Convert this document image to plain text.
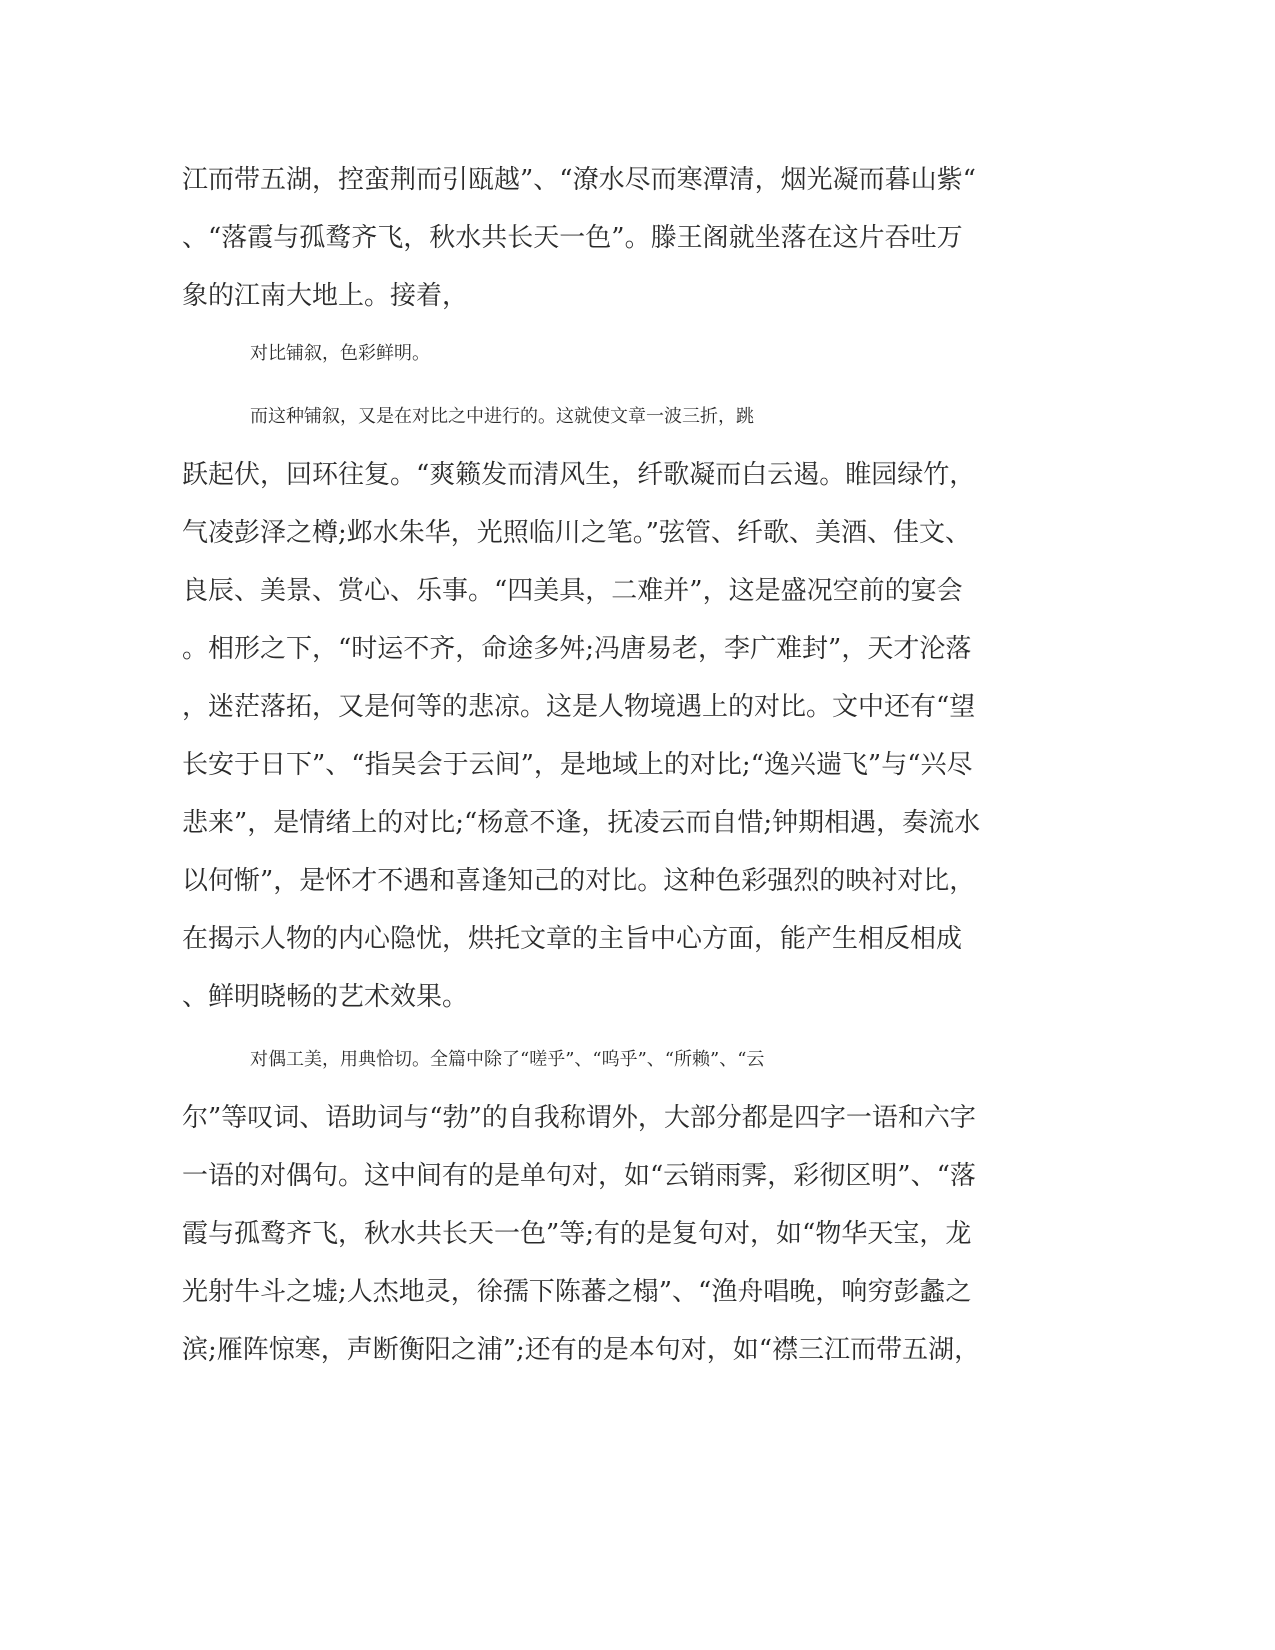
江而带五湖，控蛮荆而引瓯越”、“潦水尽而寒潭清，烟光凝而暮山紫“
、“落霞与孤鹜齐飞，秋水共长天一色”。滕王阁就坐落在这片吞吐万
象的江南大地上。接着，
对比铺叙，色彩鲜明。
而这种铺叙，又是在对比之中进行的。这就使文章一波三折，跳
跃起伏，回环往复。“爽籁发而清风生，纤歌凝而白云遏。睢园绿竹，
气凌彭泽之樽;邺水朱华，光照临川之笔。”弦管、纤歌、美酒、佳文、
良辰、美景、赏心、乐事。“四美具，二难并”，这是盛况空前的宴会
。相形之下，“时运不齐，命途多舛;冯唐易老，李广难封”，天才沦落
，迷茫落拓，又是何等的悲凉。这是人物境遇上的对比。文中还有“望
长安于日下”、“指吴会于云间”，是地域上的对比;“逸兴遄飞”与“兴尽
悲来”，是情绪上的对比;“杨意不逢，抚凌云而自惜;钟期相遇，奏流水
以何惭”，是怀才不遇和喜逢知己的对比。这种色彩强烈的映衬对比，
在揭示人物的内心隐忧，烘托文章的主旨中心方面，能产生相反相成
、鲜明晓畅的艺术效果。
对偶工美，用典恰切。全篇中除了“嗟乎”、“呜乎”、“所赖”、“云
尔”等叹词、语助词与“勃”的自我称谓外，大部分都是四字一语和六字
一语的对偶句。这中间有的是单句对，如“云销雨霁，彩彻区明”、“落
霞与孤鹜齐飞，秋水共长天一色”等;有的是复句对，如“物华天宝，龙
光射牛斗之墟;人杰地灵，徐孺下陈蕃之榻”、“渔舟唱晚，响穷彭蠡之
滨;雁阵惊寒，声断衡阳之浦”;还有的是本句对，如“襟三江而带五湖，
